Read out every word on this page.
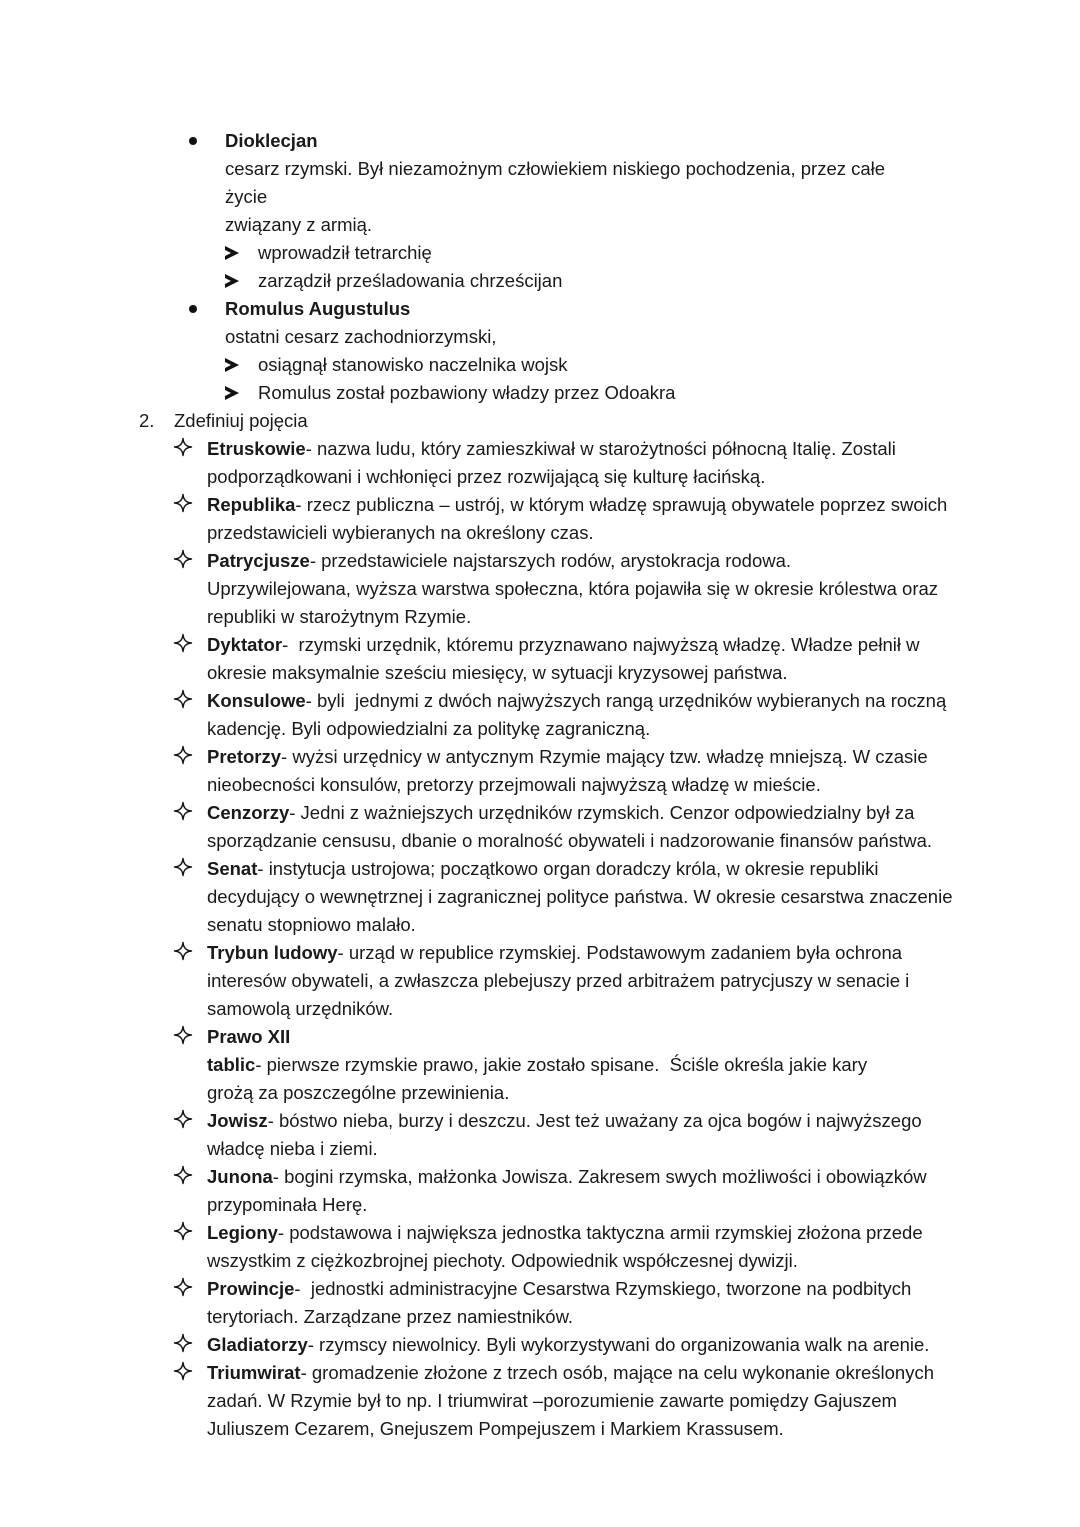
Dioklecjan
cesarz rzymski. Był niezamożnym człowiekiem niskiego pochodzenia, przez całe życie
związany z armią.
wprowadził tetrarchię
zarządził prześladowania chrześcijan
Romulus Augustulus
ostatni cesarz zachodniorzymski,
osiągnął stanowisko naczelnika wojsk
Romulus został pozbawiony władzy przez Odoakra
2. Zdefiniuj pojęcia
Etruskowie- nazwa ludu, który zamieszkiwał w starożytności północną Italię. Zostali
podporządkowani i wchłonięci przez rozwijającą się kulturę łacińską.
Republika- rzecz publiczna – ustrój, w którym władzę sprawują obywatele poprzez swoich
przedstawicieli wybieranych na określony czas.
Patrycjusze- przedstawiciele najstarszych rodów, arystokracja rodowa.
Uprzywilejowana, wyższa warstwa społeczna, która pojawiła się w okresie królestwa oraz
republiki w starożytnym Rzymie.
Dyktator-  rzymski urzędnik, któremu przyznawano najwyższą władzę. Władze pełnił w
okresie maksymalnie sześciu miesięcy, w sytuacji kryzysowej państwa.
Konsulowe- byli  jednymi z dwóch najwyższych rangą urzędników wybieranych na roczną
kadencję. Byli odpowiedzialni za politykę zagraniczną.
Pretorzy- wyżsi urzędnicy w antycznym Rzymie mający tzw. władzę mniejszą. W czasie
nieobecności konsulów, pretorzy przejmowali najwyższą władzę w mieście.
Cenzorzy- Jedni z ważniejszych urzędników rzymskich. Cenzor odpowiedzialny był za
sporządzanie censusu, dbanie o moralność obywateli i nadzorowanie finansów państwa.
Senat- instytucja ustrojowa; początkowo organ doradczy króla, w okresie republiki
decydujący o wewnętrznej i zagranicznej polityce państwa. W okresie cesarstwa znaczenie
senatu stopniowo malało.
Trybun ludowy- urząd w republice rzymskiej. Podstawowym zadaniem była ochrona
interesów obywateli, a zwłaszcza plebejuszy przed arbitrażem patrycjuszy w senacie i
samowolą urzędników.
Prawo XII tablic- pierwsze rzymskie prawo, jakie zostało spisane.  Ściśle określa jakie kary
grożą za poszczególne przewinienia.
Jowisz- bóstwo nieba, burzy i deszczu. Jest też uważany za ojca bogów i najwyższego
władcę nieba i ziemi.
Junona- bogini rzymska, małżonka Jowisza. Zakresem swych możliwości i obowiązków
przypominała Herę.
Legiony- podstawowa i największa jednostka taktyczna armii rzymskiej złożona przede
wszystkim z ciężkozbrojnej piechoty. Odpowiednik współczesnej dywizji.
Prowincje-  jednostki administracyjne Cesarstwa Rzymskiego, tworzone na podbitych
terytoriach. Zarządzane przez namiestników.
Gladiatorzy- rzymscy niewolnicy. Byli wykorzystywani do organizowania walk na arenie.
Triumwirat- gromadzenie złożone z trzech osób, mające na celu wykonanie określonych
zadań. W Rzymie był to np. I triumwirat –porozumienie zawarte pomiędzy Gajuszem
Juliuszem Cezarem, Gnejuszem Pompejuszem i Markiem Krassusem.
